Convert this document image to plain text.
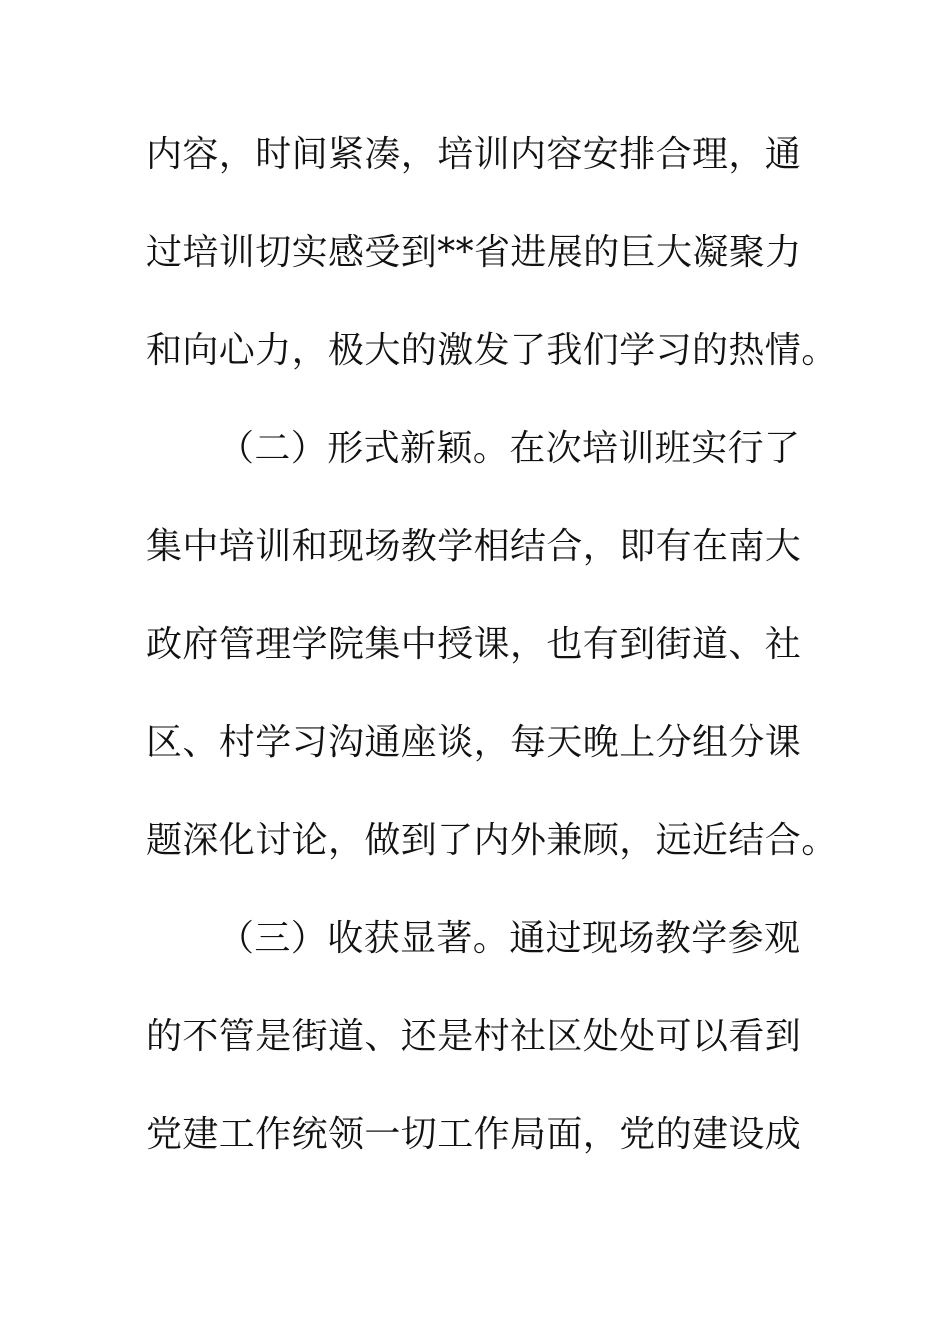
内容，时间紧凑，培训内容安排合理，通
过培训切实感受到**省进展的巨大凝聚力
和向心力，极大的激发了我们学习的热情。
（二）形式新颖。在次培训班实行了
集中培训和现场教学相结合，即有在南大
政府管理学院集中授课，也有到街道、社
区、村学习沟通座谈，每天晚上分组分课
题深化讨论，做到了内外兼顾，远近结合。
（三）收获显著。通过现场教学参观
的不管是街道、还是村社区处处可以看到
党建工作统领一切工作局面，党的建设成
